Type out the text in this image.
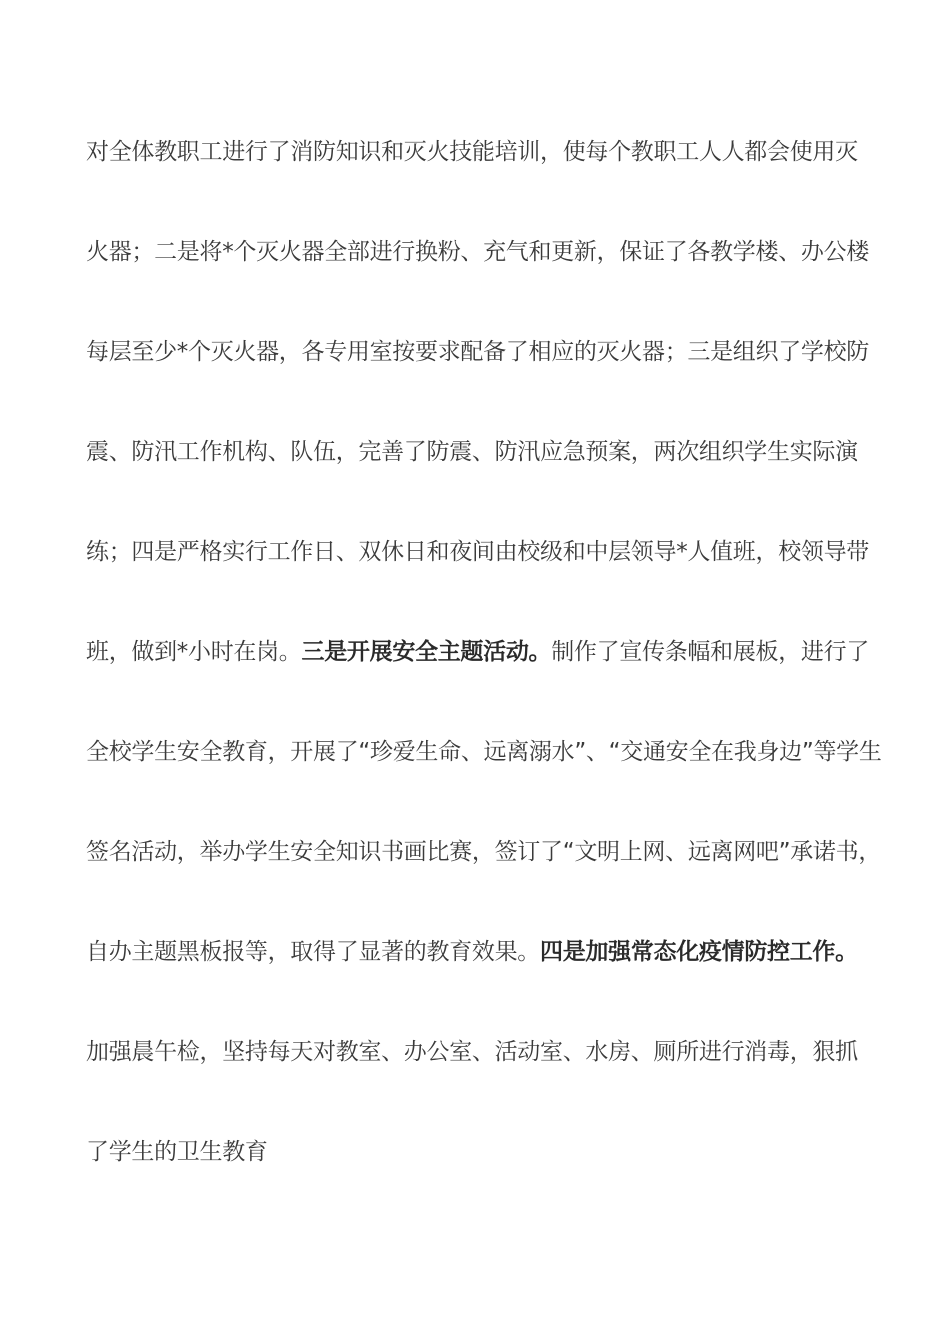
对全体教职工进行了消防知识和灭火技能培训，使每个教职工人人都会使用灭
火器；二是将*个灭火器全部进行换粉、充气和更新，保证了各教学楼、办公楼
每层至少*个灭火器，各专用室按要求配备了相应的灭火器；三是组织了学校防
震、防汛工作机构、队伍，完善了防震、防汛应急预案，两次组织学生实际演
练；四是严格实行工作日、双休日和夜间由校级和中层领导*人值班，校领导带
班，做到*小时在岗。三是开展安全主题活动。制作了宣传条幅和展板，进行了
全校学生安全教育，开展了“珍爱生命、远离溺水”、“交通安全在我身边”等学生
签名活动，举办学生安全知识书画比赛，签订了“文明上网、远离网吧”承诺书，
自办主题黑板报等，取得了显著的教育效果。四是加强常态化疫情防控工作。
加强晨午检，坚持每天对教室、办公室、活动室、水房、厕所进行消毒，狠抓
了学生的卫生教育
